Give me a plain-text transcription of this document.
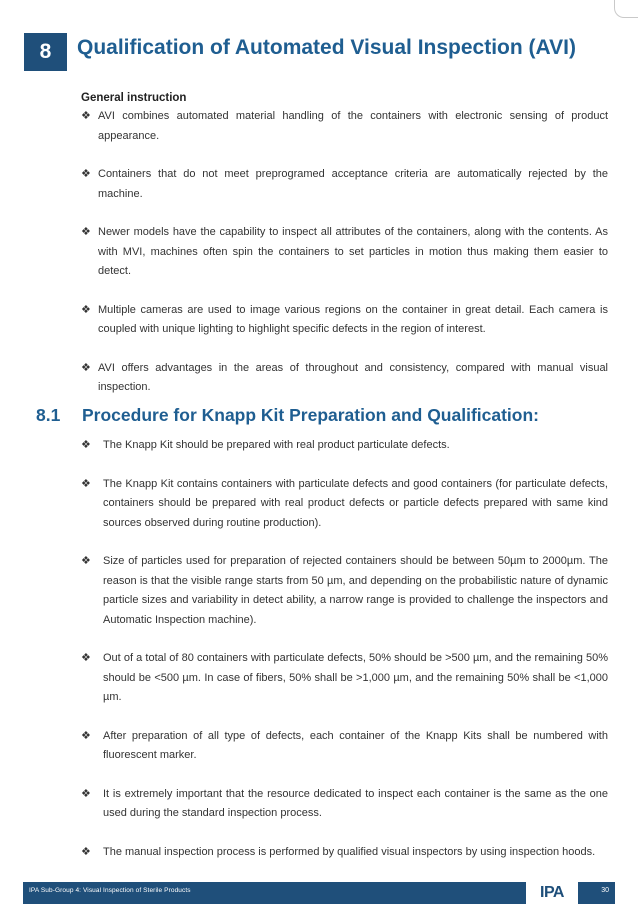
8	Qualification of Automated Visual Inspection (AVI)
General instruction
❖ AVI combines automated material handling of the containers with electronic sensing of product appearance.
❖ Containers that do not meet preprogramed acceptance criteria are automatically rejected by the machine.
❖ Newer models have the capability to inspect all attributes of the containers, along with the contents. As with MVI, machines often spin the containers to set particles in motion thus making them easier to detect.
❖ Multiple cameras are used to image various regions on the container in great detail. Each camera is coupled with unique lighting to highlight specific defects in the region of interest.
❖ AVI offers advantages in the areas of throughout and consistency, compared with manual visual inspection.
8.1 Procedure for Knapp Kit Preparation and Qualification:
❖	The Knapp Kit should be prepared with real product particulate defects.
❖	The Knapp Kit contains containers with particulate defects and good containers (for particulate defects, containers should be prepared with real product defects or particle defects prepared with same kind sources observed during routine production).
❖	Size of particles used for preparation of rejected containers should be between 50µm to 2000µm. The reason is that the visible range starts from 50 µm, and depending on the probabilistic nature of dynamic particle sizes and variability in detect ability, a narrow range is provided to challenge the inspectors and Automatic Inspection machine).
❖	Out of a total of 80 containers with particulate defects, 50% should be >500 µm, and the remaining 50% should be <500 µm. In case of fibers, 50% shall be >1,000 µm, and the remaining 50% shall be <1,000 µm.
❖	After preparation of all type of defects, each container of the Knapp Kits shall be numbered with fluorescent marker.
❖	It is extremely important that the resource dedicated to inspect each container is the same as the one used during the standard inspection process.
❖	The manual inspection process is performed by qualified visual inspectors by using inspection hoods.
IPA Sub-Group 4: Visual Inspection of Sterile Products	IPA	30
